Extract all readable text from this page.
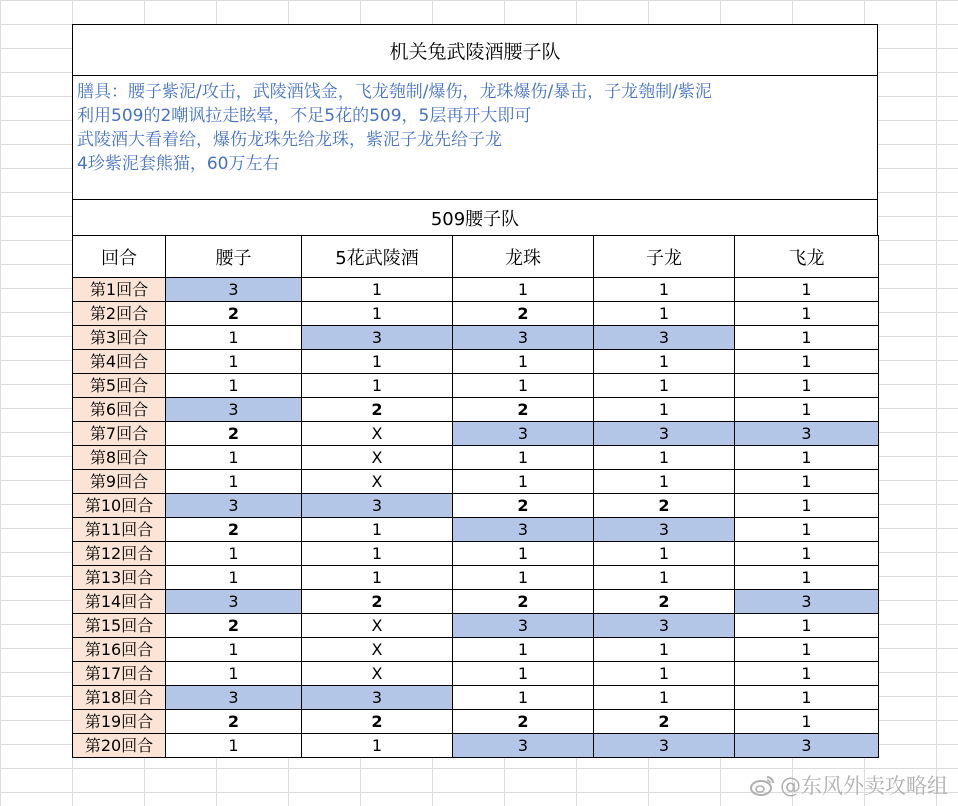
机关兔武陵酒腰子队
膳具：腰子紫泥/攻击，武陵酒饯金，飞龙匏制/爆伤，龙珠爆伤/暴击，子龙匏制/紫泥
利用509的2嘲讽拉走眩晕，不足5花的509，5层再开大即可
武陵酒大看着给，爆伤龙珠先给龙珠，紫泥子龙先给子龙
4珍紫泥套熊猫，60万左右
509腰子队
回合	腰子	5花武陵酒	龙珠	子龙	飞龙
第1回合	3	1	1	1	1
第2回合	2	1	2	1	1
第3回合	1	3	3	3	1
第4回合	1	1	1	1	1
第5回合	1	1	1	1	1
第6回合	3	2	2	1	1
第7回合	2	X	3	3	3
第8回合	1	X	1	1	1
第9回合	1	X	1	1	1
第10回合	3	3	2	2	1
第11回合	2	1	3	3	1
第12回合	1	1	1	1	1
第13回合	1	1	1	1	1
第14回合	3	2	2	2	3
第15回合	2	X	3	3	1
第16回合	1	X	1	1	1
第17回合	1	X	1	1	1
第18回合	3	3	1	1	1
第19回合	2	2	2	2	1
第20回合	1	1	3	3	3
@东风外卖攻略组
